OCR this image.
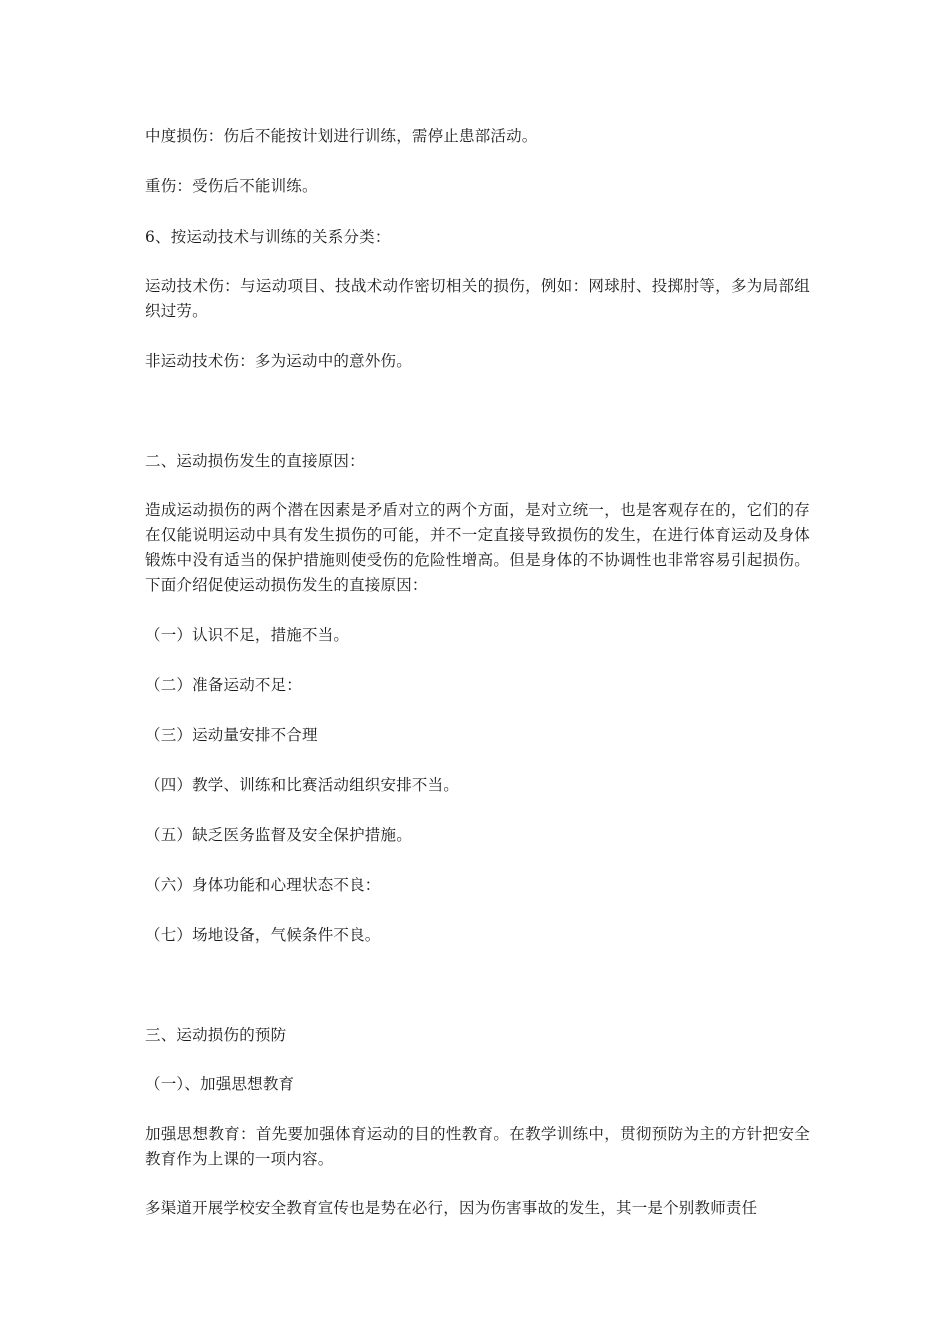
中度损伤：伤后不能按计划进行训练，需停止患部活动。
重伤：受伤后不能训练。
6、按运动技术与训练的关系分类：
运动技术伤：与运动项目、技战术动作密切相关的损伤，例如：网球肘、投掷肘等，多为局部组织过劳。
非运动技术伤：多为运动中的意外伤。
二、运动损伤发生的直接原因：
造成运动损伤的两个潜在因素是矛盾对立的两个方面，是对立统一，也是客观存在的，它们的存在仅能说明运动中具有发生损伤的可能，并不一定直接导致损伤的发生，在进行体育运动及身体锻炼中没有适当的保护措施则使受伤的危险性增高。但是身体的不协调性也非常容易引起损伤。下面介绍促使运动损伤发生的直接原因：
（一）认识不足，措施不当。
（二）准备运动不足：
（三）运动量安排不合理
（四）教学、训练和比赛活动组织安排不当。
（五）缺乏医务监督及安全保护措施。
（六）身体功能和心理状态不良：
（七）场地设备，气候条件不良。
三、运动损伤的预防
（一）、加强思想教育
加强思想教育：首先要加强体育运动的目的性教育。在教学训练中，贯彻预防为主的方针把安全教育作为上课的一项内容。
多渠道开展学校安全教育宣传也是势在必行，因为伤害事故的发生，其一是个别教师责任
